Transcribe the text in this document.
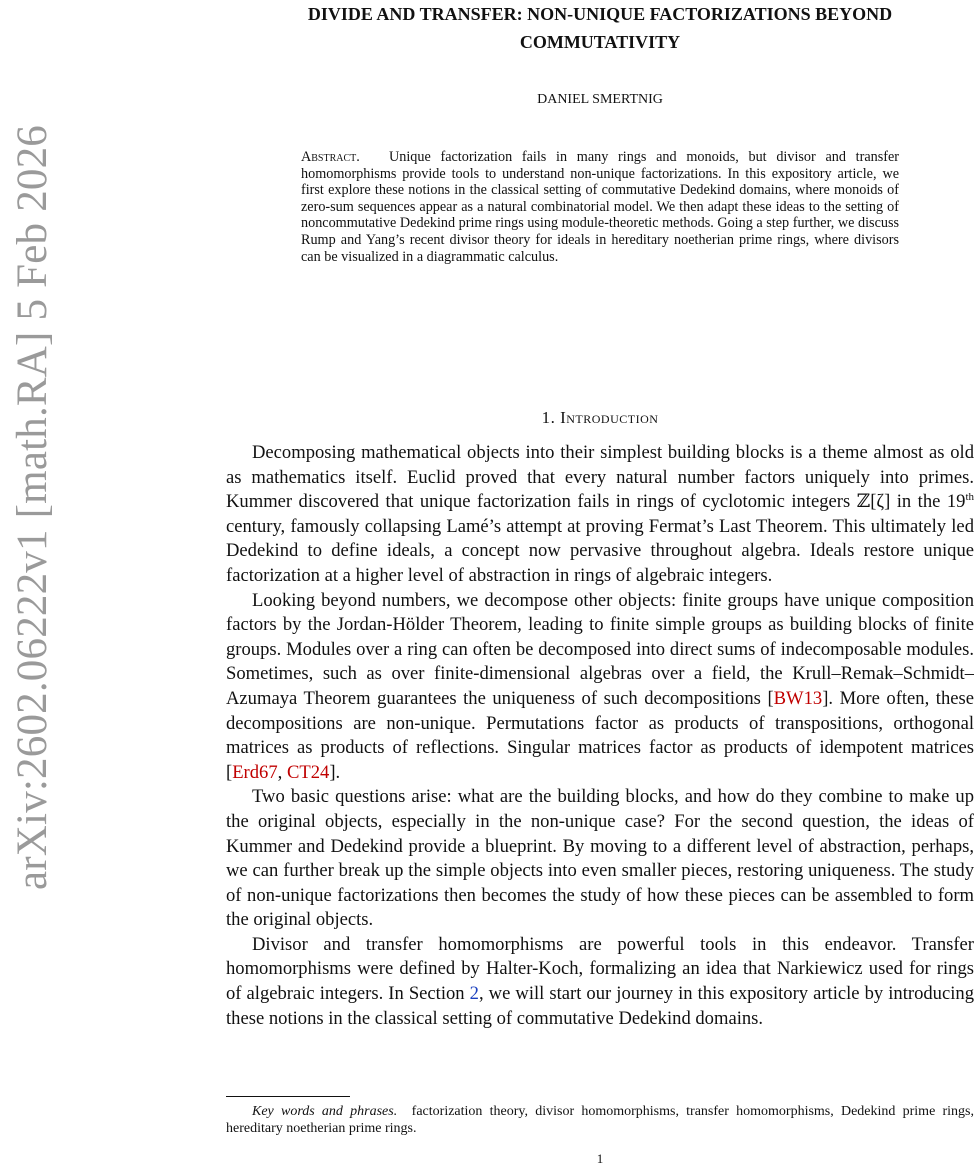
arXiv:2602.06222v1 [math.RA] 5 Feb 2026
DIVIDE AND TRANSFER: NON-UNIQUE FACTORIZATIONS BEYOND
COMMUTATIVITY
DANIEL SMERTNIG
Abstract. Unique factorization fails in many rings and monoids, but divisor and transfer homomorphisms provide tools to understand non-unique factorizations. In this expository article, we first explore these notions in the classical setting of commutative Dedekind domains, where monoids of zero-sum sequences appear as a natural combinatorial model. We then adapt these ideas to the setting of noncommutative Dedekind prime rings using module-theoretic methods. Going a step further, we discuss Rump and Yang’s recent divisor theory for ideals in hereditary noetherian prime rings, where divisors can be visualized in a diagrammatic calculus.
1. Introduction

Decomposing mathematical objects into their simplest building blocks is a theme almost as old as mathematics itself. Euclid proved that every natural number factors uniquely into primes. Kummer discovered that unique factorization fails in rings of cyclotomic integers ℤ[ζ] in the 19th century, famously collapsing Lamé’s attempt at proving Fermat’s Last Theorem. This ultimately led Dedekind to define ideals, a concept now pervasive throughout algebra. Ideals restore unique factorization at a higher level of abstraction in rings of algebraic integers.

Looking beyond numbers, we decompose other objects: finite groups have unique composition factors by the Jordan-Hölder Theorem, leading to finite simple groups as building blocks of finite groups. Modules over a ring can often be decomposed into direct sums of indecomposable modules. Sometimes, such as over finite-dimensional algebras over a field, the Krull–Remak–Schmidt–Azumaya Theorem guarantees the uniqueness of such decompositions [BW13]. More often, these decompositions are non-unique. Permutations factor as products of transpositions, orthogonal matrices as products of reflections. Singular matrices factor as products of idempotent matrices [Erd67, CT24].

Two basic questions arise: what are the building blocks, and how do they combine to make up the original objects, especially in the non-unique case? For the second question, the ideas of Kummer and Dedekind provide a blueprint. By moving to a different level of abstraction, perhaps, we can further break up the simple objects into even smaller pieces, restoring uniqueness. The study of non-unique factorizations then becomes the study of how these pieces can be assembled to form the original objects.

Divisor and transfer homomorphisms are powerful tools in this endeavor. Transfer homomorphisms were defined by Halter-Koch, formalizing an idea that Narkiewicz used for rings of algebraic integers. In Section 2, we will start our journey in this expository article by introducing these notions in the classical setting of commutative Dedekind domains.

Key words and phrases. factorization theory, divisor homomorphisms, transfer homomorphisms, Dedekind prime rings, hereditary noetherian prime rings.
1
